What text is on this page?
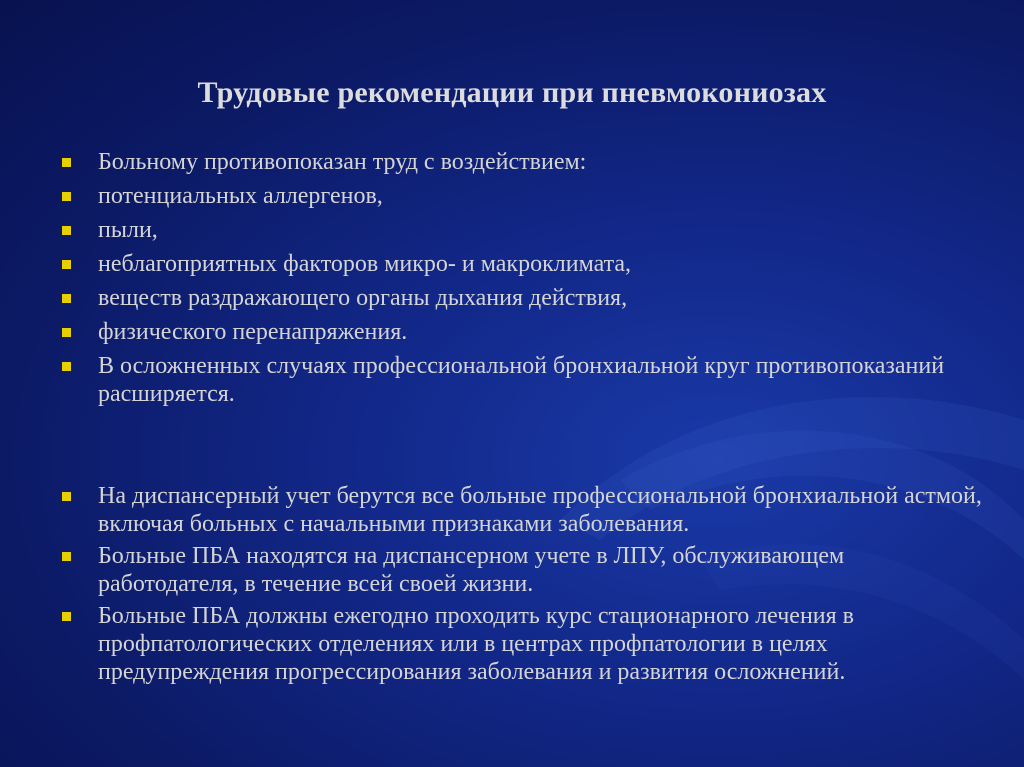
Трудовые рекомендации при пневмокониозах
Больному противопоказан труд с воздействием:
потенциальных аллергенов,
пыли,
неблагоприятных факторов микро- и макроклимата,
веществ раздражающего органы дыхания действия,
физического перенапряжения.
В осложненных случаях профессиональной бронхиальной круг противопоказаний расширяется.
На диспансерный учет берутся все больные профессиональной бронхиальной астмой, включая больных с начальными признаками заболевания.
Больные ПБА находятся на диспансерном учете в ЛПУ, обслуживающем работодателя, в течение всей своей жизни.
Больные ПБА должны ежегодно проходить курс стационарного лечения в профпатологических отделениях или в центрах профпатологии в целях предупреждения прогрессирования заболевания и развития осложнений.
